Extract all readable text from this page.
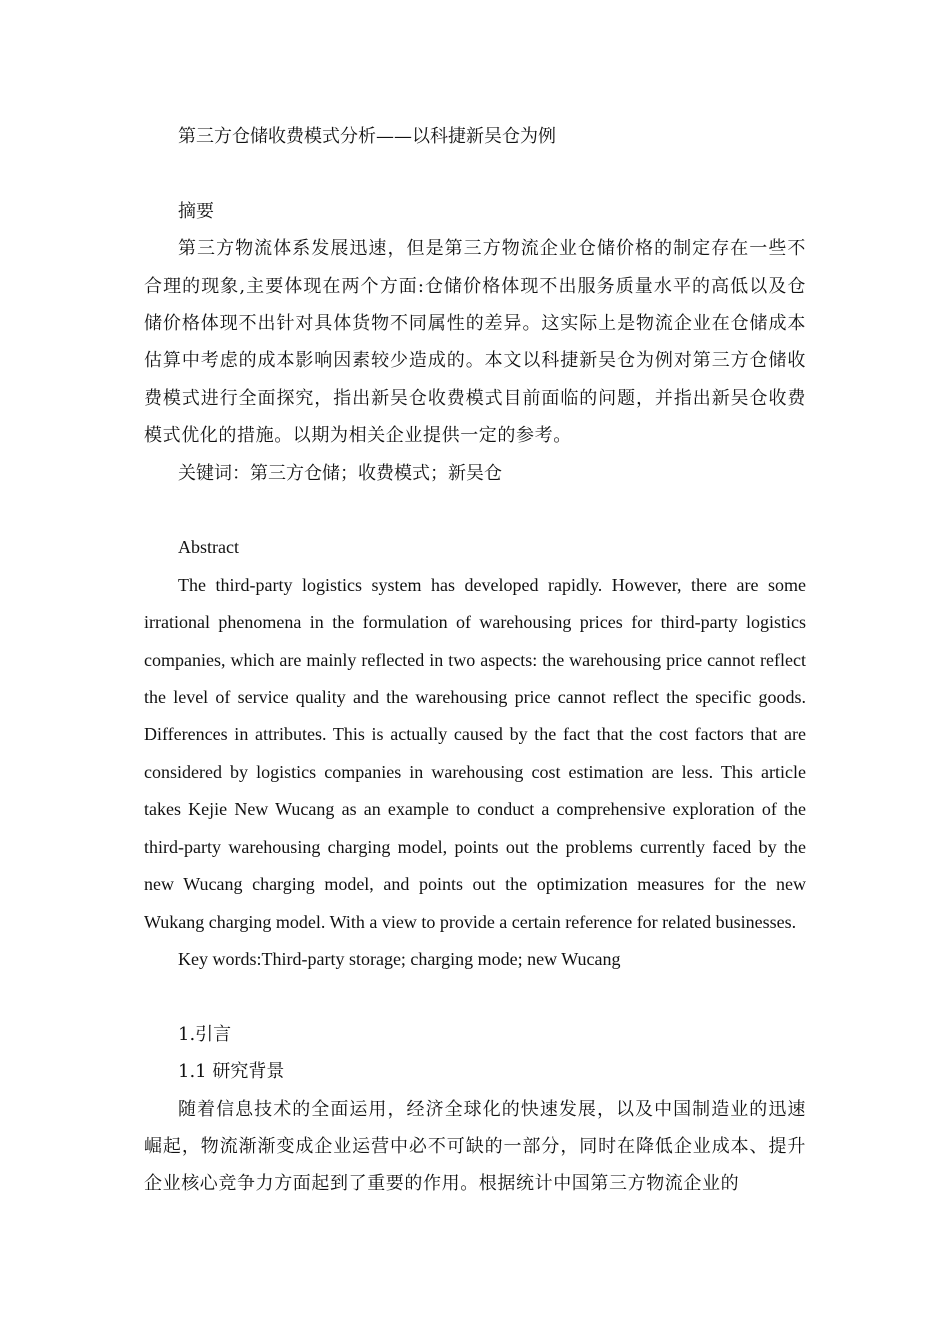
第三方仓储收费模式分析——以科捷新吴仓为例

摘要

第三方物流体系发展迅速，但是第三方物流企业仓储价格的制定存在一些不合理的现象,主要体现在两个方面:仓储价格体现不出服务质量水平的高低以及仓储价格体现不出针对具体货物不同属性的差异。这实际上是物流企业在仓储成本估算中考虑的成本影响因素较少造成的。本文以科捷新吴仓为例对第三方仓储收费模式进行全面探究，指出新吴仓收费模式目前面临的问题，并指出新吴仓收费模式优化的措施。以期为相关企业提供一定的参考。

关键词：第三方仓储；收费模式；新吴仓

Abstract

The third-party logistics system has developed rapidly. However, there are some irrational phenomena in the formulation of warehousing prices for third-party logistics companies, which are mainly reflected in two aspects: the warehousing price cannot reflect the level of service quality and the warehousing price cannot reflect the specific goods. Differences in attributes. This is actually caused by the fact that the cost factors that are considered by logistics companies in warehousing cost estimation are less. This article takes Kejie New Wucang as an example to conduct a comprehensive exploration of the third-party warehousing charging model, points out the problems currently faced by the new Wucang charging model, and points out the optimization measures for the new Wukang charging model. With a view to provide a certain reference for related businesses.

Key words:Third-party storage; charging mode; new Wucang

1.引言

1.1 研究背景

随着信息技术的全面运用，经济全球化的快速发展，以及中国制造业的迅速崛起，物流渐渐变成企业运营中必不可缺的一部分，同时在降低企业成本、提升企业核心竞争力方面起到了重要的作用。根据统计中国第三方物流企业的
